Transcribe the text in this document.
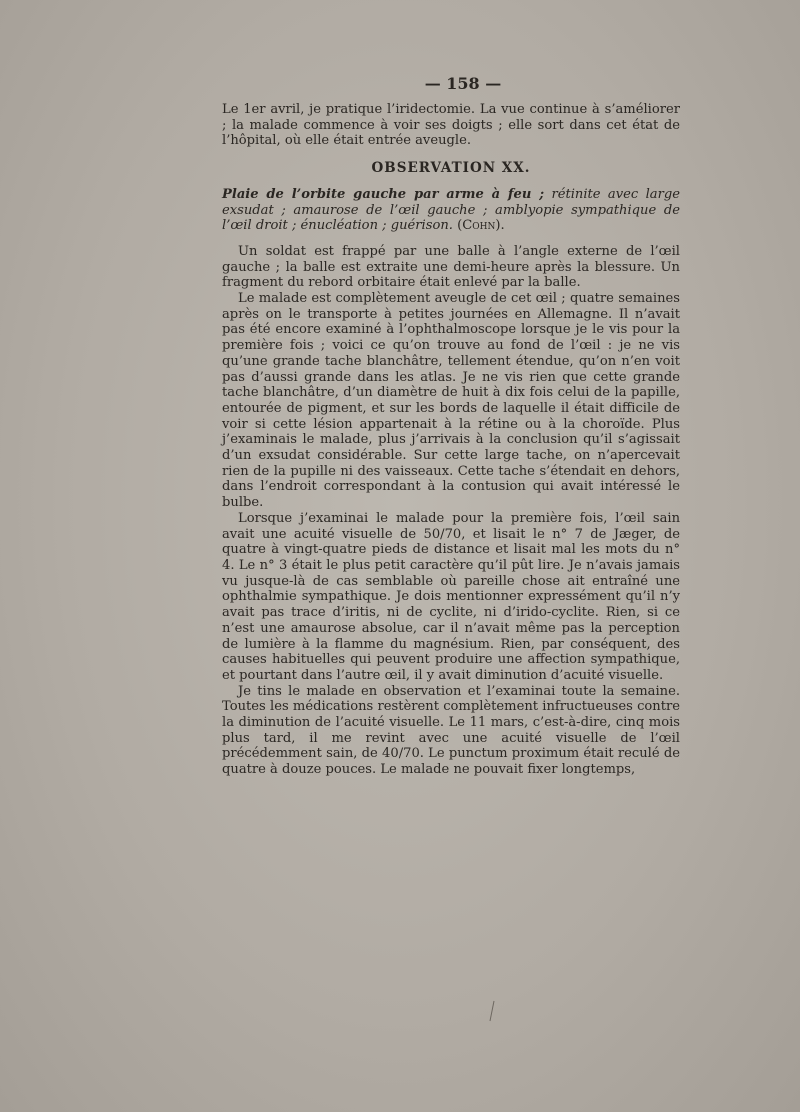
— 158 —

Le 1er avril, je pratique l’iridectomie. La vue continue à s’améliorer ; la malade commence à voir ses doigts ; elle sort dans cet état de l’hôpital, où elle était entrée aveugle.

OBSERVATION XX.

Plaie de l’orbite gauche par arme à feu ; rétinite avec large exsudat ; amaurose de l’œil gauche ; amblyopie sympathique de l’œil droit ; énucléation ; guérison. (Cohn).

Un soldat est frappé par une balle à l’angle externe de l’œil gauche ; la balle est extraite une demi-heure après la blessure. Un fragment du rebord orbitaire était enlevé par la balle.

Le malade est complètement aveugle de cet œil ; quatre semaines après on le transporte à petites journées en Allemagne. Il n’avait pas été encore examiné à l’ophthalmoscope lorsque je le vis pour la première fois ; voici ce qu’on trouve au fond de l’œil : je ne vis qu’une grande tache blanchâtre, tellement étendue, qu’on n’en voit pas d’aussi grande dans les atlas. Je ne vis rien que cette grande tache blanchâtre, d’un diamètre de huit à dix fois celui de la papille, entourée de pigment, et sur les bords de laquelle il était difficile de voir si cette lésion appartenait à la rétine ou à la choroïde. Plus j’examinais le malade, plus j’arrivais à la conclusion qu’il s’agissait d’un exsudat considérable. Sur cette large tache, on n’apercevait rien de la pupille ni des vaisseaux. Cette tache s’étendait en dehors, dans l’endroit correspondant à la contusion qui avait intéressé le bulbe.

Lorsque j’examinai le malade pour la première fois, l’œil sain avait une acuité visuelle de 50/70, et lisait le n° 7 de Jæger, de quatre à vingt-quatre pieds de distance et lisait mal les mots du n° 4. Le n° 3 était le plus petit caractère qu’il pût lire. Je n’avais jamais vu jusque-là de cas semblable où pareille chose ait entraîné une ophthalmie sympathique. Je dois mentionner expressément qu’il n’y avait pas trace d’iritis, ni de cyclite, ni d’irido-cyclite. Rien, si ce n’est une amaurose absolue, car il n’avait même pas la perception de lumière à la flamme du magnésium. Rien, par conséquent, des causes habituelles qui peuvent produire une affection sympathique, et pourtant dans l’autre œil, il y avait diminution d’acuité visuelle.

Je tins le malade en observation et l’examinai toute la semaine. Toutes les médications restèrent complètement infructueuses contre la diminution de l’acuité visuelle. Le 11 mars, c’est-à-dire, cinq mois plus tard, il me revint avec une acuité visuelle de l’œil précédemment sain, de 40/70. Le punctum proximum était reculé de quatre à douze pouces. Le malade ne pouvait fixer longtemps,
